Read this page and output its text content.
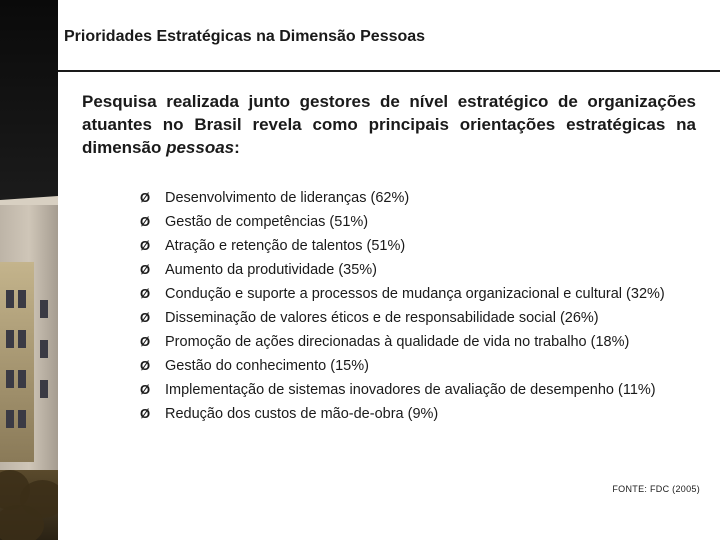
Prioridades Estratégicas na Dimensão Pessoas
Pesquisa realizada junto gestores de nível estratégico de organizações atuantes no Brasil revela como principais orientações estratégicas na dimensão pessoas:
Ø Desenvolvimento de lideranças (62%)
Ø Gestão de competências (51%)
Ø Atração e retenção de talentos (51%)
Ø Aumento da produtividade (35%)
Ø Condução e suporte a processos de mudança organizacional e cultural (32%)
Ø Disseminação de valores éticos e de responsabilidade social (26%)
Ø Promoção de ações direcionadas à qualidade de vida no trabalho (18%)
Ø Gestão do conhecimento (15%)
Ø Implementação de sistemas inovadores de avaliação de desempenho (11%)
Ø Redução dos custos de mão-de-obra (9%)
FONTE: FDC (2005)
